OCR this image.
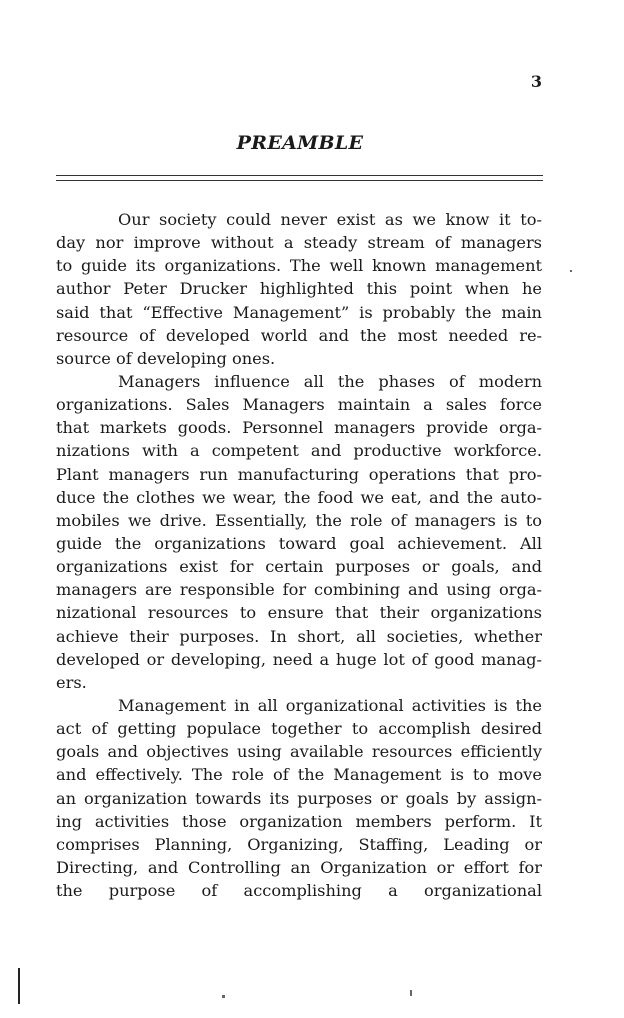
3
PREAMBLE
Our society could never exist as we know it to-
day nor improve without a steady stream of managers
to guide its organizations. The well known management
author Peter Drucker highlighted this point when he
said that “Effective Management” is probably the main
resource of developed world and the most needed re-
source of developing ones.
Managers influence all the phases of modern
organizations. Sales Managers maintain a sales force
that markets goods. Personnel managers provide orga-
nizations with a competent and productive workforce.
Plant managers run manufacturing operations that pro-
duce the clothes we wear, the food we eat, and the auto-
mobiles we drive. Essentially, the role of managers is to
guide the organizations toward goal achievement. All
organizations exist for certain purposes or goals, and
managers are responsible for combining and using orga-
nizational resources to ensure that their organizations
achieve their purposes. In short, all societies, whether
developed or developing, need a huge lot of good manag-
ers.
Management in all organizational activities is the
act of getting populace together to accomplish desired
goals and objectives using available resources efficiently
and effectively. The role of the Management is to move
an organization towards its purposes or goals by assign-
ing activities those organization members perform. It
comprises Planning, Organizing, Staffing, Leading or
Directing, and Controlling an Organization or effort for
the purpose of accomplishing a organizational
